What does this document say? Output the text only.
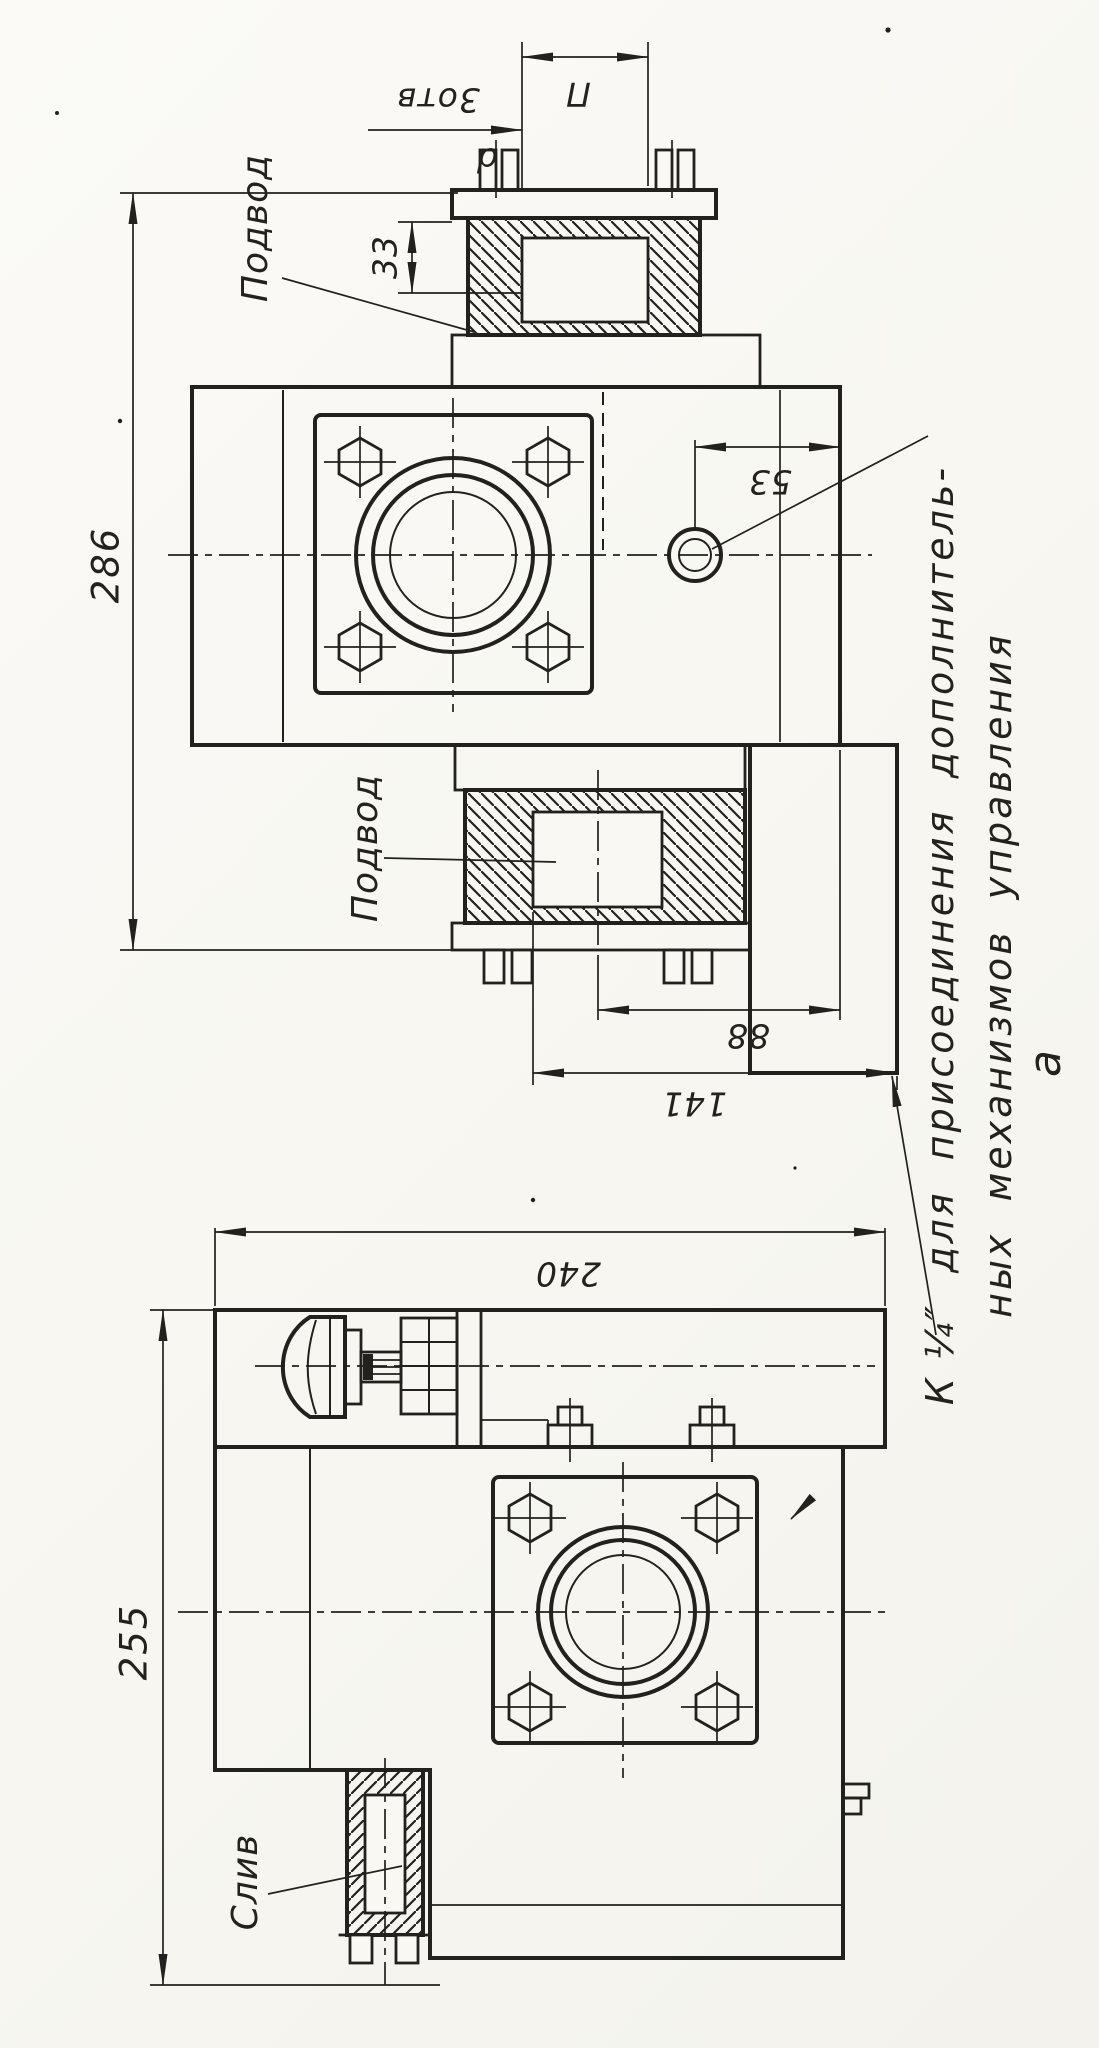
П
3отв
d
33
Подвод
286
53
Подвод
88
141
240
255
Слив
К ¼″  для  присоединения  дополнитель- ных  механизмов  управления а
